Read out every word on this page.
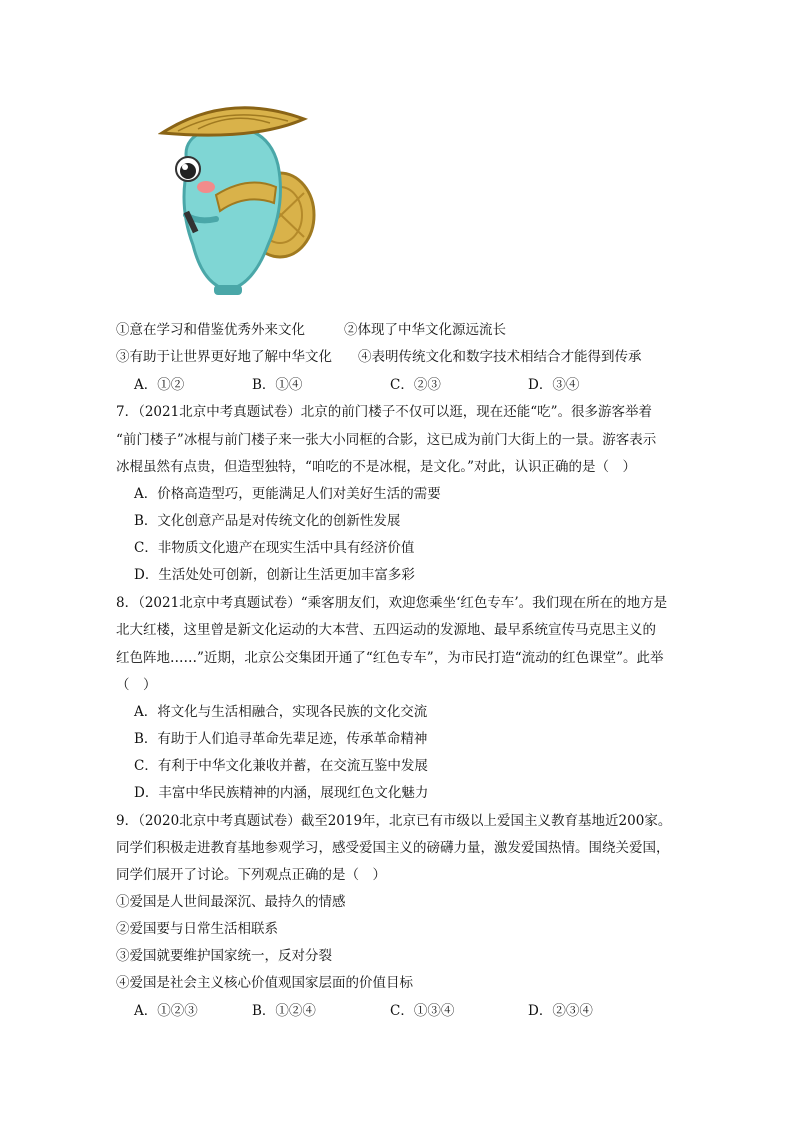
①意在学习和借鉴优秀外来文化	②体现了中华文化源远流长
③有助于让世界更好地了解中华文化 ④表明传统文化和数字技术相结合才能得到传承
A．①②	B．①④	C．②③	D．③④
7．（2021北京中考真题试卷）北京的前门楼子不仅可以逛，现在还能“吃”。很多游客举着
“前门楼子”冰棍与前门楼子来一张大小同框的合影，这已成为前门大街上的一景。游客表示
冰棍虽然有点贵，但造型独特，“咱吃的不是冰棍，是文化。”对此，认识正确的是（　）
A．价格高造型巧，更能满足人们对美好生活的需要
B．文化创意产品是对传统文化的创新性发展
C．非物质文化遗产在现实生活中具有经济价值
D．生活处处可创新，创新让生活更加丰富多彩
8．（2021北京中考真题试卷）“乘客朋友们，欢迎您乘坐‘红色专车’。我们现在所在的地方是
北大红楼，这里曾是新文化运动的大本营、五四运动的发源地、最早系统宣传马克思主义的
红色阵地……”近期，北京公交集团开通了“红色专车”，为市民打造“流动的红色课堂”。此举
（　）
A．将文化与生活相融合，实现各民族的文化交流
B．有助于人们追寻革命先辈足迹，传承革命精神
C．有利于中华文化兼收并蓄，在交流互鉴中发展
D．丰富中华民族精神的内涵，展现红色文化魅力
9．（2020北京中考真题试卷）截至2019年，北京已有市级以上爱国主义教育基地近200家。
同学们积极走进教育基地参观学习，感受爱国主义的磅礴力量，激发爱国热情。围绕关爱国，
同学们展开了讨论。下列观点正确的是（　）
①爱国是人世间最深沉、最持久的情感
②爱国要与日常生活相联系
③爱国就要维护国家统一，反对分裂
④爱国是社会主义核心价值观国家层面的价值目标
A．①②③	B．①②④	C．①③④	D．②③④
